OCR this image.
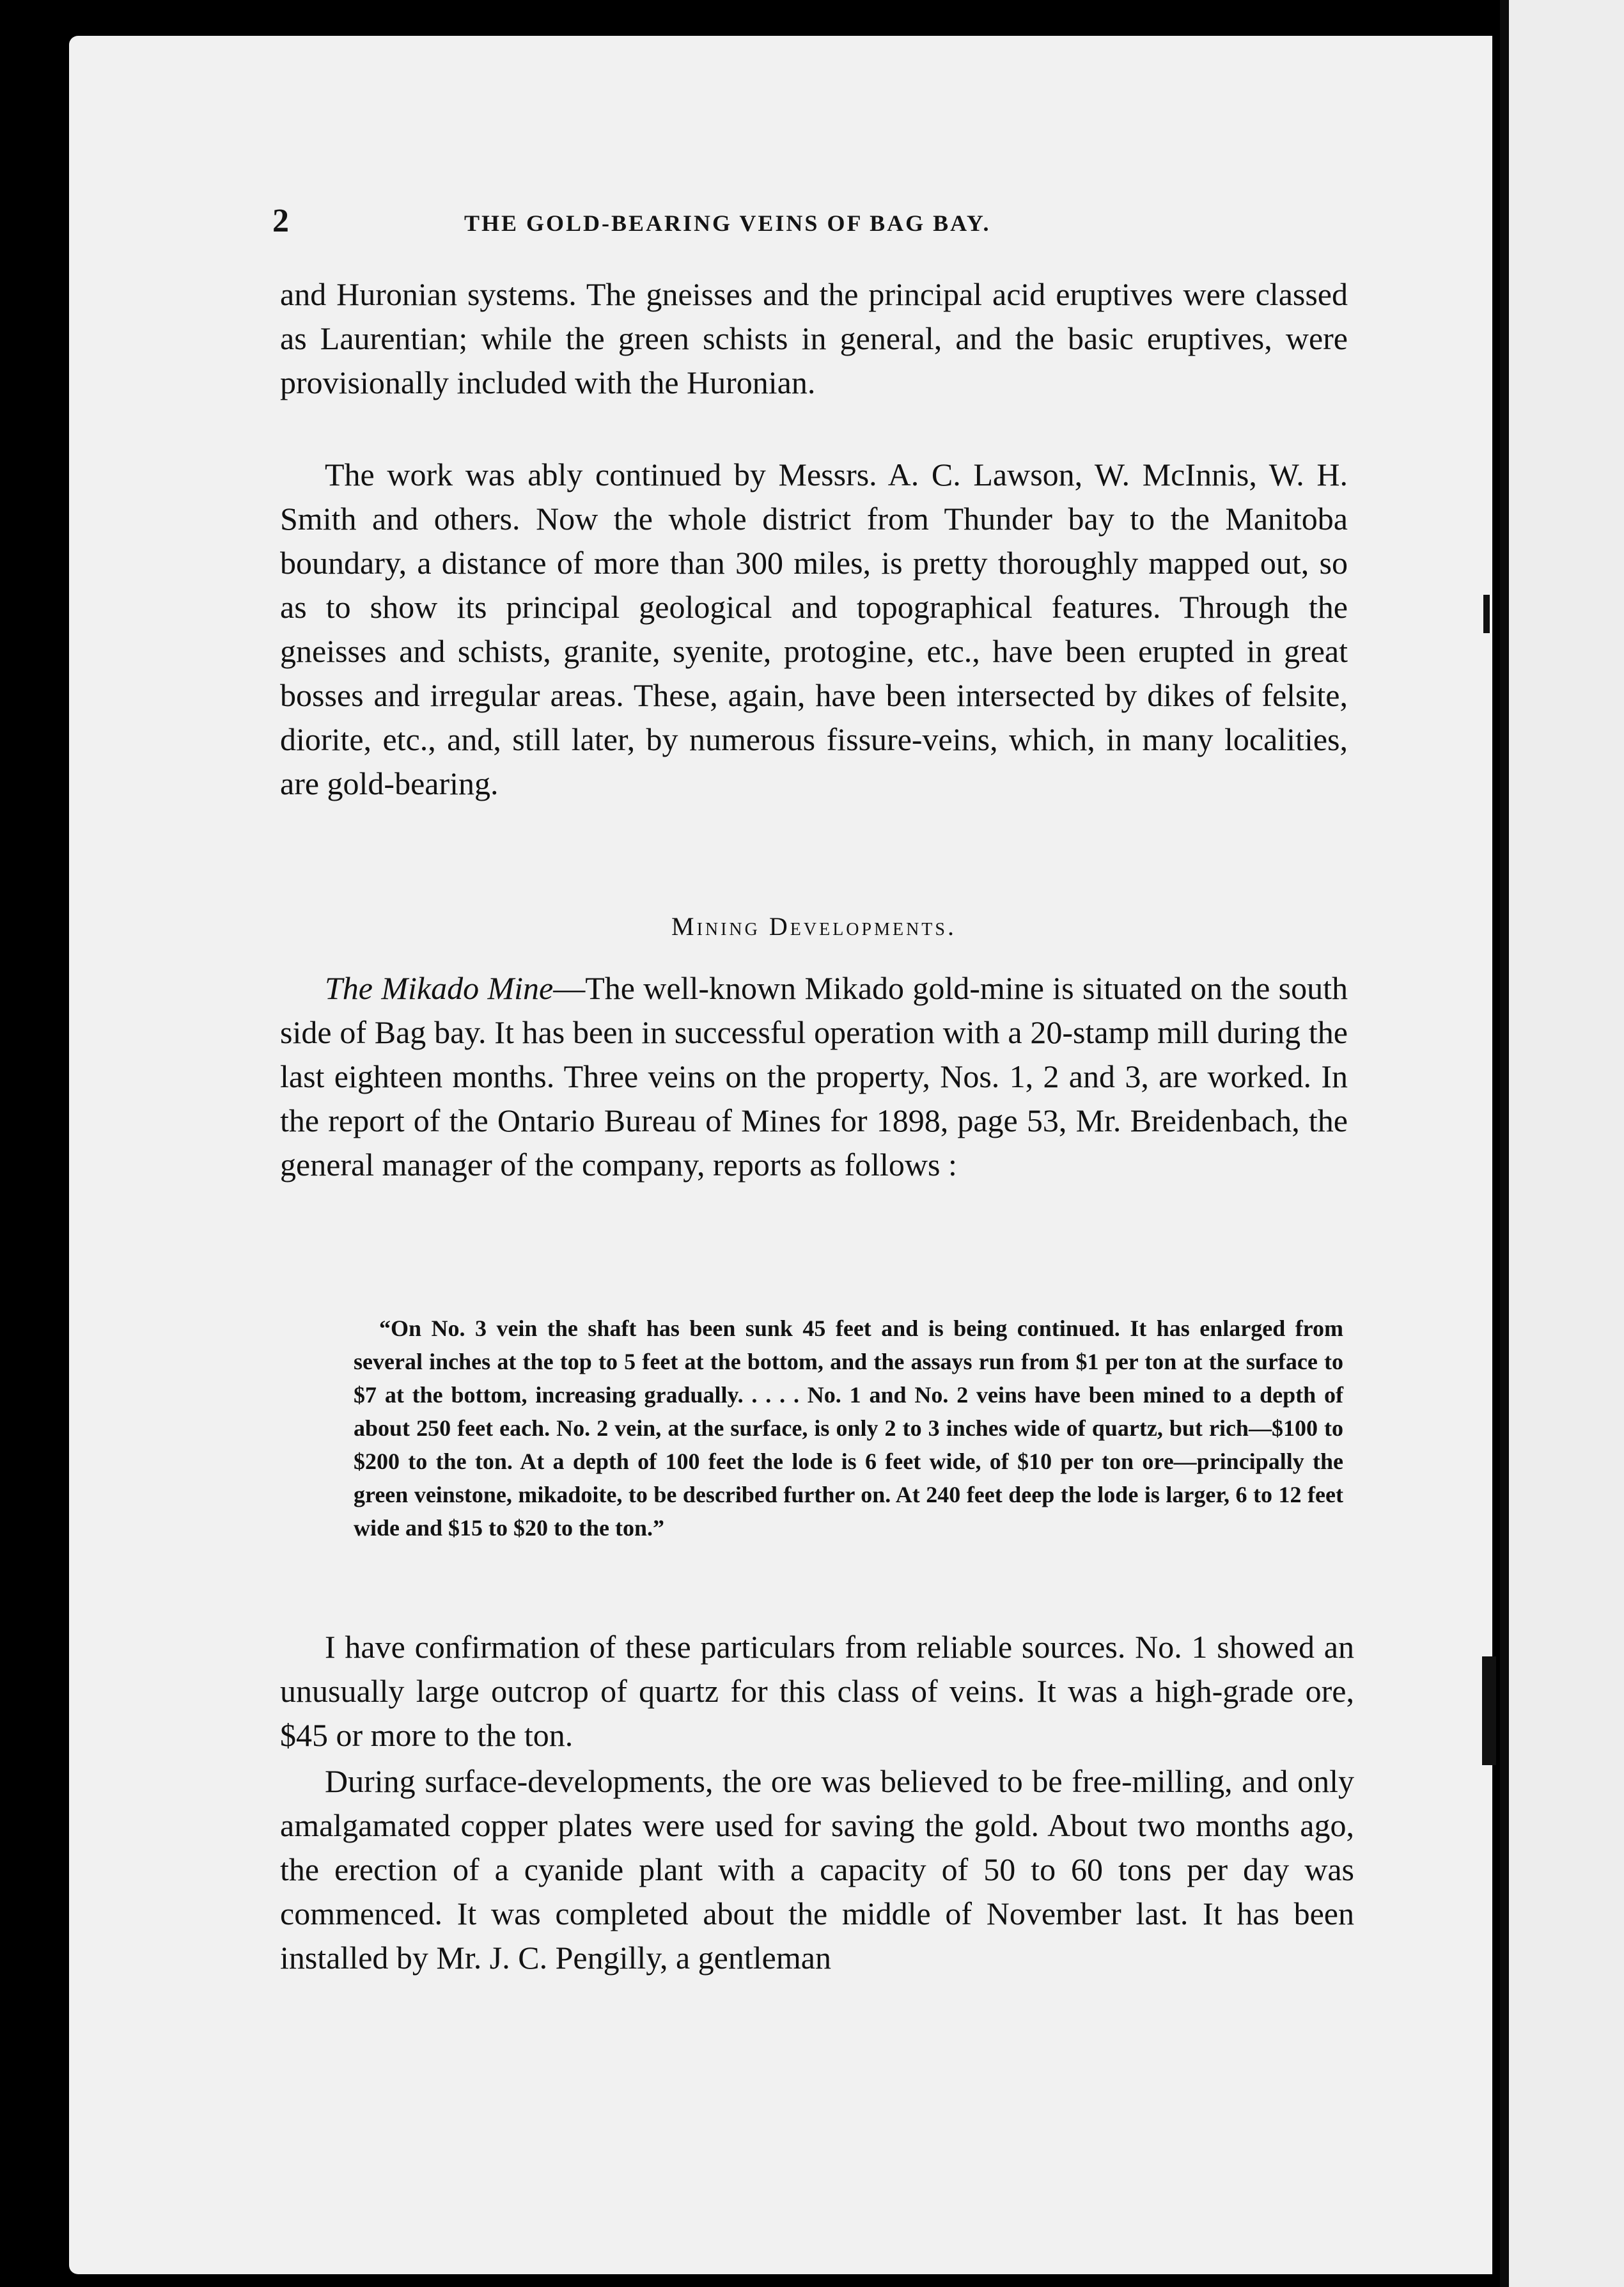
2	THE GOLD-BEARING VEINS OF BAG BAY.

and Huronian systems. The gneisses and the principal acid eruptives were classed as Laurentian; while the green schists in general, and the basic eruptives, were provisionally included with the Huronian.

The work was ably continued by Messrs. A. C. Lawson, W. McInnis, W. H. Smith and others. Now the whole district from Thunder bay to the Manitoba boundary, a distance of more than 300 miles, is pretty thoroughly mapped out, so as to show its principal geological and topographical features. Through the gneisses and schists, granite, syenite, protogine, etc., have been erupted in great bosses and irregular areas. These, again, have been intersected by dikes of felsite, diorite, etc., and, still later, by numerous fissure-veins, which, in many localities, are gold-bearing.

Mining Developments.

The Mikado Mine—The well-known Mikado gold-mine is situated on the south side of Bag bay. It has been in successful operation with a 20-stamp mill during the last eighteen months. Three veins on the property, Nos. 1, 2 and 3, are worked. In the report of the Ontario Bureau of Mines for 1898, page 53, Mr. Breidenbach, the general manager of the company, reports as follows :

“On No. 3 vein the shaft has been sunk 45 feet and is being continued. It has enlarged from several inches at the top to 5 feet at the bottom, and the assays run from $1 per ton at the surface to $7 at the bottom, increasing gradually. . . . . No. 1 and No. 2 veins have been mined to a depth of about 250 feet each. No. 2 vein, at the surface, is only 2 to 3 inches wide of quartz, but rich—$100 to $200 to the ton. At a depth of 100 feet the lode is 6 feet wide, of $10 per ton ore—principally the green veinstone, mikadoite, to be described further on. At 240 feet deep the lode is larger, 6 to 12 feet wide and $15 to $20 to the ton.”

I have confirmation of these particulars from reliable sources. No. 1 showed an unusually large outcrop of quartz for this class of veins. It was a high-grade ore, $45 or more to the ton.

During surface-developments, the ore was believed to be free-milling, and only amalgamated copper plates were used for saving the gold. About two months ago, the erection of a cyanide plant with a capacity of 50 to 60 tons per day was commenced. It was completed about the middle of November last. It has been installed by Mr. J. C. Pengilly, a gentleman
